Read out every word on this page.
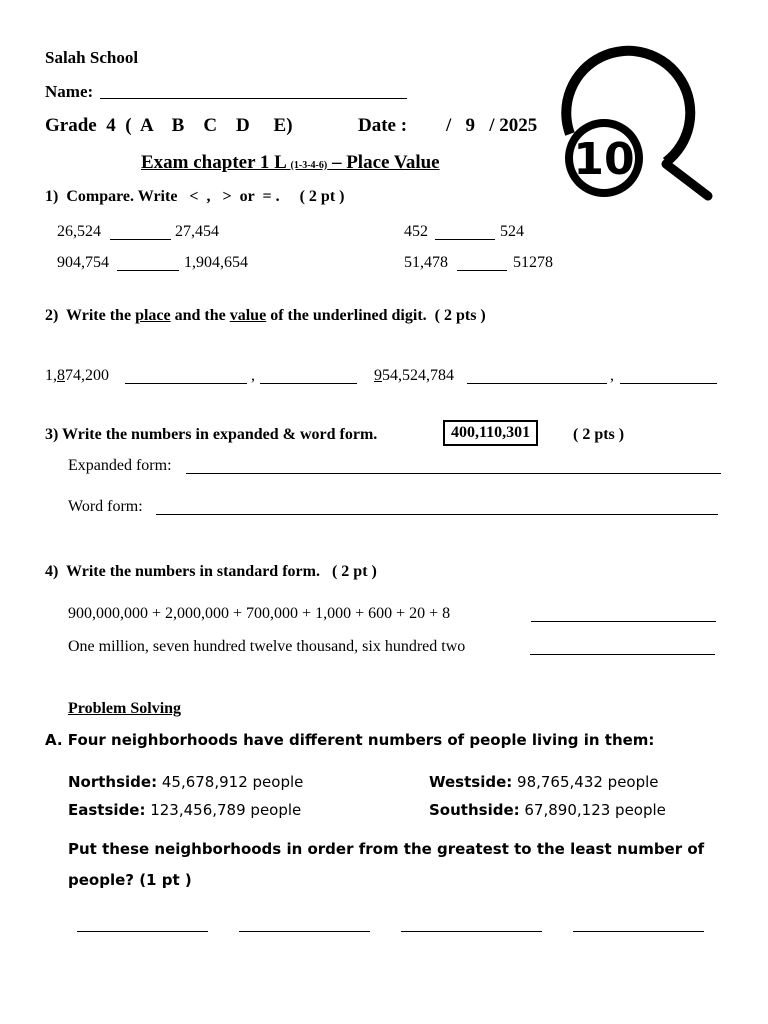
Salah School
Name:
Grade  4  (  A    B    C    D     E)	Date : /   9   / 2025
Exam chapter 1 L (1-3-4-6) – Place Value	10
1)  Compare. Write   <  ,   >  or  = .     ( 2 pt )
26,524	27,454	452	524
904,754	1,904,654	51,478	51278
2)  Write the place and the value of the underlined digit.  ( 2 pts )
1,874,200	,	954,524,784	,
3) Write the numbers in expanded & word form.	400,110,301	( 2 pts )
Expanded form:
Word form:
4)  Write the numbers in standard form.   ( 2 pt )
900,000,000 + 2,000,000 + 700,000 + 1,000 + 600 + 20 + 8
One million, seven hundred twelve thousand, six hundred two
Problem Solving
A. Four neighborhoods have different numbers of people living in them:
Northside: 45,678,912 people	Westside: 98,765,432 people
Eastside: 123,456,789 people	Southside: 67,890,123 people
Put these neighborhoods in order from the greatest to the least number of
people? (1 pt )
